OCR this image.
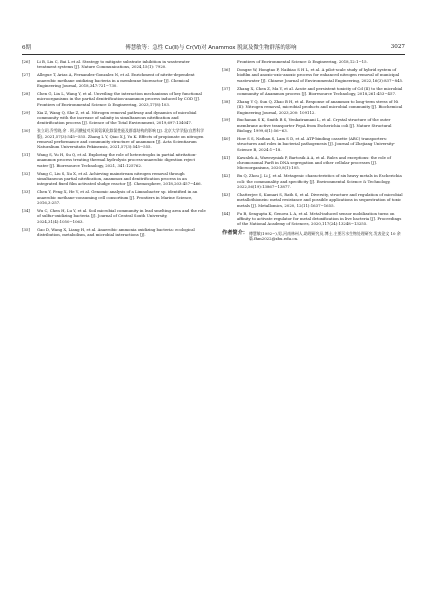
6期	傅慧敏等：急性 Cu(Ⅱ)与 Cr(Ⅵ)对 Anammox 脱氮及微生物群落的影响	3027
[26]	Li B, Liu C, Bai L et al. Strategy to mitigate substrate inhibition in wastewater treatment systems [J]. Nature Communications, 2024,15(1): 7920.
[27]	Allegue T, Arias A, Fernandez-Gonzalez N, et al. Enrichment of nitrite-dependent anaerobic methane oxidizing bacteria in a membrane bioreactor [J]. Chemical Engineering Journal, 2018,347:721−730.
[28]	Chen G, Lin L, Wang Y, et al. Unveiling the interaction mechanisms of key functional microorganisms in the partial denitrification-anammox process induced by COD [J]. Frontiers of Environmental Science & Engineering, 2023,17(8):103.
[29]	Xia Z, Wang Q, She Z, et al. Nitrogen removal pathway and dynamics of microbial community with the increase of salinity in simultaneous nitrification and denitrification process [J]. Science of the Total Environment, 2019,697:134047.
[30]	张立玥,乔雪晓,余 . 阿,丙酸盐对厌氧氨氧化除氮性能及群落结构的影响 [J]. 北京大学学报(自然科学版), 2021,57(3):545−555. Zhang L Y, Qiao X J, Yu K. Effects of propionate on nitrogen removal performance and community structure of anammox [J]. Acta Scientiarum Naturalium Universitatis Pekinensis, 2021,57(3):545−555.
[31]	Wang S, Yu H, Su Q, et al. Exploring the role of heterotrophs in partial nitritation-anammox process treating thermal hydrolysis process-anaerobic digestion reject water [J]. Bioresource Technology, 2021, 341:125762.
[32]	Wang C, Liu S, Xu X, et al. Achieving mainstream nitrogen removal through simultaneous partial nitrification, anammox and denitrification process in an integrated fixed film activated sludge reactor [J]. Chemosphere, 2018,203:457−466.
[33]	Chen Y, Feng X, He Y, et al. Genomic analysis of a Limnobacter sp. identified in an anaerobic methane-consuming cell consortium [J]. Frontiers in Marine Science, 2016,3:257.
[34]	Wu C, Chen H, Lu Y, et al. Soil microbial community in lead smelting area and the role of sulfur-oxidizing bacteria [J]. Journal of Central South University, 2024,31(4):1050−1063.
[35]	Gao D, Wang X, Liang H, et al. Anaerobic ammonia oxidizing bacteria: ecological distribution, metabolism, and microbial interactions [J].
Frontiers of Environmental Science & Engineering, 2018,12:1−15.
[36]	Dongze W, Hongtao P, Naibiao S H L, et al. A pilot-scale study of hybrid system of biofilm and anoxic-oxic-anoxic process for enhanced nitrogen removal of municipal wastewater [J]. Chinese Journal of Environmental Engineering, 2022,16(3):837−845.
[37]	Zhang X, Chen Z, Ma Y, et al. Acute and persistent toxicity of Cd (II) to the microbial community of Anammox process [J]. Bioresource Technology, 2018,261:453−457.
[38]	Zhang Y Q, Sun Q, Zhao B H, et al. Response of anammox to long-term stress of Ni (II): Nitrogen removal, microbial products and microbial community [J]. Biochemical Engineering Journal, 2023,200: 109112.
[39]	Buchanan S K, Smith B S, Venkatramani L, et al. Crystal structure of the outer membrane active transporter FepA from Escherichia coli [J]. Nature Structural Biology, 1999,6(1):56−63.
[40]	How S S, Nathan S, Lam S D, et al. ATP-binding cassette (ABC) transporters: structures and roles in bacterial pathogenesis [J]. Journal of Zhejiang University-Science B, 2024:1−18.
[41]	Kawalek A, Wawrzyniak P, Bartosik A A, et al. Rules and exceptions: the role of chromosomal ParB in DNA segregation and other cellular processes [J]. Microorganisms, 2020,8(1):105.
[42]	Bu Q, Zhou J, Li J, et al. Metagenic characteristics of six heavy metals in Escherichia coli: the commonality and specificity [J]. Environmental Science & Technology, 2022,56(19):13867−13877.
[43]	Chatterjee S, Kumari S, Rath S, et al. Diversity, structure and regulation of microbial metallothionein: metal resistance and possible applications in sequestration of toxic metals [J]. Metallomics, 2020, 12(11):1637−1655.
[44]	Fu B, Sengupta K, Genova L A, et al. Metal-induced sensor mobilization turns on affinity to activate regulator for metal detoxification in live bacteria [J]. Proceedings of the National Academy of Sciences, 2020,117(24):13248−13255.
作者简介： 傅慧敏(1992−),男,河南林州人,助理研究员,博士,主要污水生物处理研究.发表论文 10 余篇.fhm2022@zbu.edu.cn.
